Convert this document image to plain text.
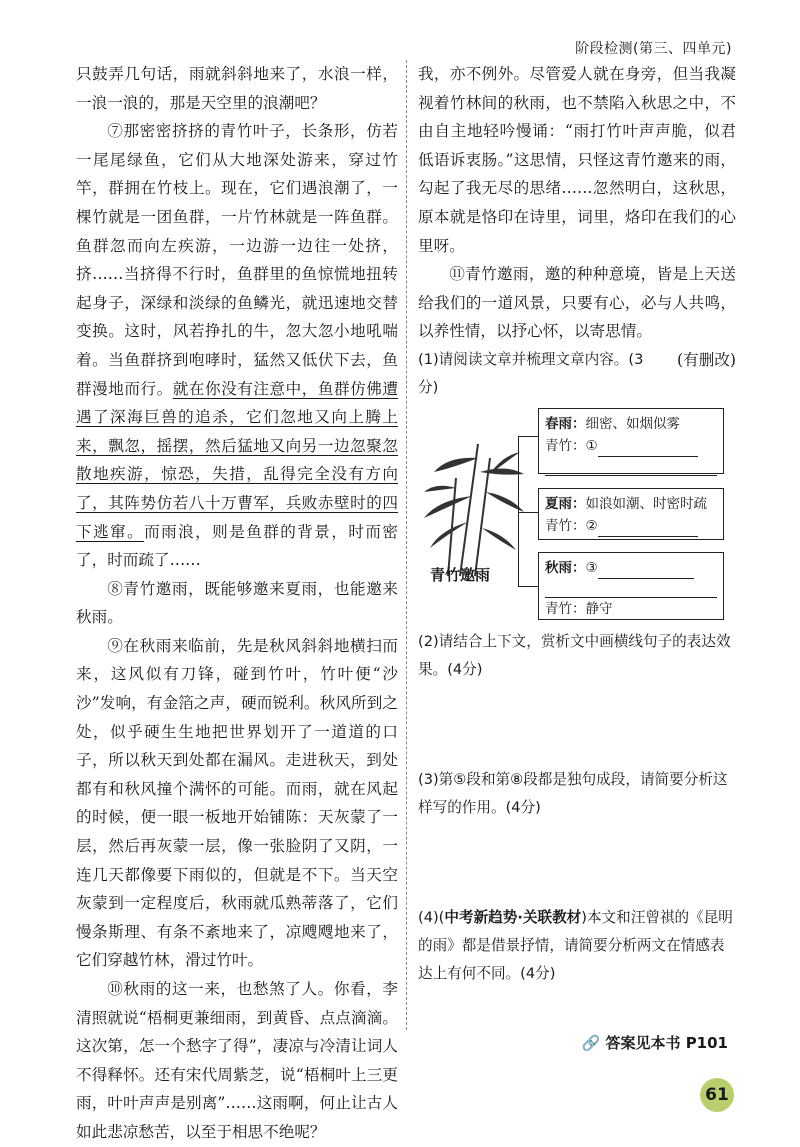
阶段检测(第三、四单元)

只鼓弄几句话，雨就斜斜地来了，水浪一样，一浪一浪的，那是天空里的浪潮吧？

⑦那密密挤挤的青竹叶子，长条形，仿若一尾尾绿鱼，它们从大地深处游来，穿过竹竿，群拥在竹枝上。现在，它们遇浪潮了，一棵竹就是一团鱼群，一片竹林就是一阵鱼群。鱼群忽而向左疾游，一边游一边往一处挤，挤……当挤得不行时，鱼群里的鱼惊慌地扭转起身子，深绿和淡绿的鱼鳞光，就迅速地交替变换。这时，风若挣扎的牛，忽大忽小地吼喘着。当鱼群挤到咆哮时，猛然又低伏下去，鱼群漫地而行。就在你没有注意中，鱼群仿佛遭遇了深海巨兽的追杀，它们忽地又向上腾上来，飘忽，摇摆，然后猛地又向另一边忽聚忽散地疾游，惊恐，失措，乱得完全没有方向了，其阵势仿若八十万曹军，兵败赤壁时的四下逃窜。而雨浪，则是鱼群的背景，时而密了，时而疏了……

⑧青竹邀雨，既能够邀来夏雨，也能邀来秋雨。

⑨在秋雨来临前，先是秋风斜斜地横扫而来，这风似有刀锋，碰到竹叶，竹叶便“沙沙”发响，有金箔之声，硬而锐利。秋风所到之处，似乎硬生生地把世界划开了一道道的口子，所以秋天到处都在漏风。走进秋天，到处都有和秋风撞个满怀的可能。而雨，就在风起的时候，便一眼一板地开始铺陈：天灰蒙了一层，然后再灰蒙一层，像一张脸阴了又阴，一连几天都像要下雨似的，但就是不下。当天空灰蒙到一定程度后，秋雨就瓜熟蒂落了，它们慢条斯理、有条不紊地来了，凉飕飕地来了，它们穿越竹林，滑过竹叶。

⑩秋雨的这一来，也愁煞了人。你看，李清照就说“梧桐更兼细雨，到黄昏、点点滴滴。这次第，怎一个愁字了得”，凄凉与冷清让词人不得释怀。还有宋代周紫芝，说“梧桐叶上三更雨，叶叶声声是别离”……这雨啊，何止让古人如此悲凉愁苦，以至于相思不绝呢？

我，亦不例外。尽管爱人就在身旁，但当我凝视着竹林间的秋雨，也不禁陷入秋思之中，不由自主地轻吟慢诵：“雨打竹叶声声脆，似君低语诉衷肠。”这思情，只怪这青竹邀来的雨，勾起了我无尽的思绪……忽然明白，这秋思，原本就是恪印在诗里，词里，烙印在我们的心里呀。

⑪青竹邀雨，邀的种种意境，皆是上天送给我们的一道风景，只要有心，必与人共鸣，以养性情，以抒心怀，以寄思情。
(有删改)

(1)请阅读文章并梳理文章内容。(3分)
青竹邀雨
春雨：细密、如烟似雾
青竹：①
夏雨：如浪如潮、时密时疏
青竹：②
秋雨：③
青竹：静守
(2)请结合上下文，赏析文中画横线句子的表达效果。(4分)
(3)第⑤段和第⑧段都是独句成段，请简要分析这样写的作用。(4分)
(4)(中考新趋势·关联教材)本文和汪曾祺的《昆明的雨》都是借景抒情，请简要分析两文在情感表达上有何不同。(4分)
🔗 答案见本书 P101
61
